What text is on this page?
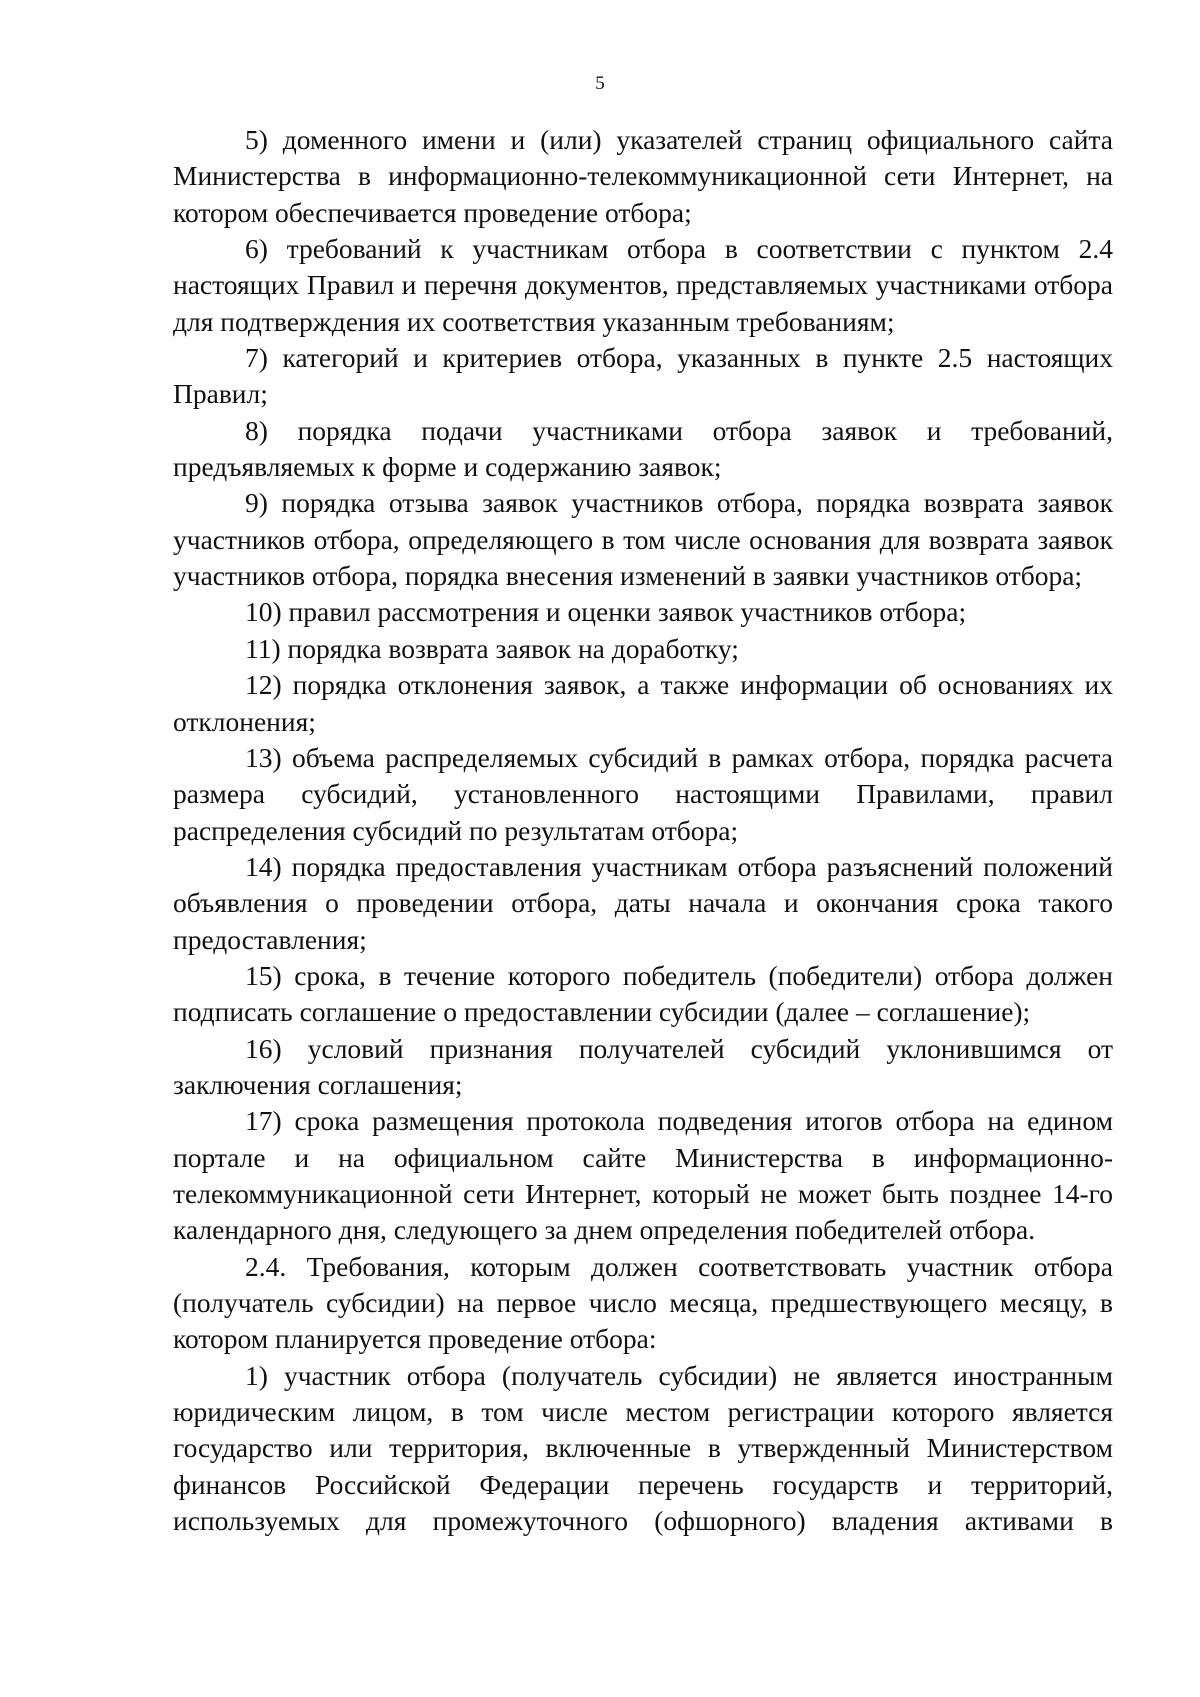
5

5) доменного имени и (или) указателей страниц официального сайта Министерства в информационно-телекоммуникационной сети Интернет, на котором обеспечивается проведение отбора;

6) требований к участникам отбора в соответствии с пунктом 2.4 настоящих Правил и перечня документов, представляемых участниками отбора для подтверждения их соответствия указанным требованиям;

7) категорий и критериев отбора, указанных в пункте 2.5 настоящих Правил;

8) порядка подачи участниками отбора заявок и требований, предъявляемых к форме и содержанию заявок;

9) порядка отзыва заявок участников отбора, порядка возврата заявок участников отбора, определяющего в том числе основания для возврата заявок участников отбора, порядка внесения изменений в заявки участников отбора;

10) правил рассмотрения и оценки заявок участников отбора;

11) порядка возврата заявок на доработку;

12) порядка отклонения заявок, а также информации об основаниях их отклонения;

13) объема распределяемых субсидий в рамках отбора, порядка расчета размера субсидий, установленного настоящими Правилами, правил распределения субсидий по результатам отбора;

14) порядка предоставления участникам отбора разъяснений положений объявления о проведении отбора, даты начала и окончания срока такого предоставления;

15) срока, в течение которого победитель (победители) отбора должен подписать соглашение о предоставлении субсидии (далее – соглашение);

16) условий признания получателей субсидий уклонившимся от заключения соглашения;

17) срока размещения протокола подведения итогов отбора на едином портале и на официальном сайте Министерства в информационно-телекоммуникационной сети Интернет, который не может быть позднее 14-го календарного дня, следующего за днем определения победителей отбора.

2.4. Требования, которым должен соответствовать участник отбора (получатель субсидии) на первое число месяца, предшествующего месяцу, в котором планируется проведение отбора:

1) участник отбора (получатель субсидии) не является иностранным юридическим лицом, в том числе местом регистрации которого является государство или территория, включенные в утвержденный Министерством финансов Российской Федерации перечень государств и территорий, используемых для промежуточного (офшорного) владения активами в
